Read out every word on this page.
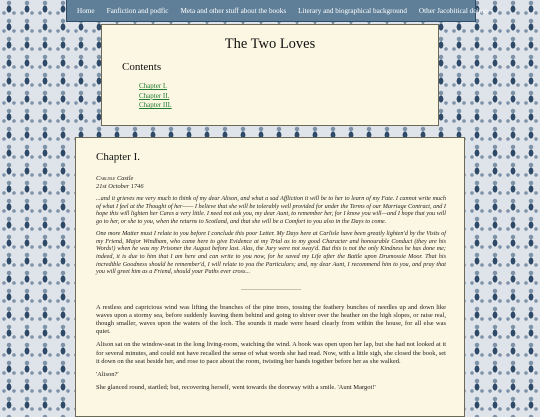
Home	Fanfiction and podfic	Meta and other stuff about the books	Literary and biographical background	Other Jacobitical doings
The Two Loves
Contents
Chapter I.
Chapter II.
Chapter III.
Chapter I.

Carlisle Castle
21st October 1746

...and it grieves me very much to think of my dear Alison, and what a sad Affliction it will be to her to learn of my Fate. I cannot write much of what I feel at the Thought of her—— I believe that she will be tolerably well provided for under the Terms of our Marriage Contract, and I hope this will lighten her Cares a very little. I need not ask you, my dear Aunt, to remember her, for I know you will—and I hope that you will go to her, or she to you, when the returns to Scotland, and that she will be a Comfort to you also in the Days to come.

One more Matter must I relate to you before I conclude this poor Letter. My Days here at Carlisle have been greatly lighten'd by the Visits of my Friend, Major Windham, who came here to give Evidence at my Trial as to my good Character and honourable Conduct (they are his Words!) when he was my Prisoner the August before last. Alas, the Jury were not sway'd. But this is not the only Kindness he has done me; indeed, it is due to him that I am here and can write to you now, for he saved my Life after the Battle upon Drumossie Moor. That his incredible Goodness should be remember'd, I will relate to you the Particulars; and, my dear Aunt, I recommend him to you, and pray that you will greet him as a Friend, should your Paths ever cross...

A restless and capricious wind was lifting the branches of the pine trees, tossing the feathery bunches of needles up and down like waves upon a stormy sea, before suddenly leaving them behind and going to shiver over the heather on the high slopes, or raise real, though smaller, waves upon the waters of the loch. The sounds it made were heard clearly from within the house, for all else was quiet.

Alison sat on the window-seat in the long living-room, watching the wind. A book was open upon her lap, but she had not looked at it for several minutes, and could not have recalled the sense of what words she had read. Now, with a little sigh, she closed the book, set it down on the seat beside her, and rose to pace about the room, twisting her hands together before her as she walked.

'Alison?'

She glanced round, startled; but, recovering herself, went towards the doorway with a smile. 'Aunt Margot!'
